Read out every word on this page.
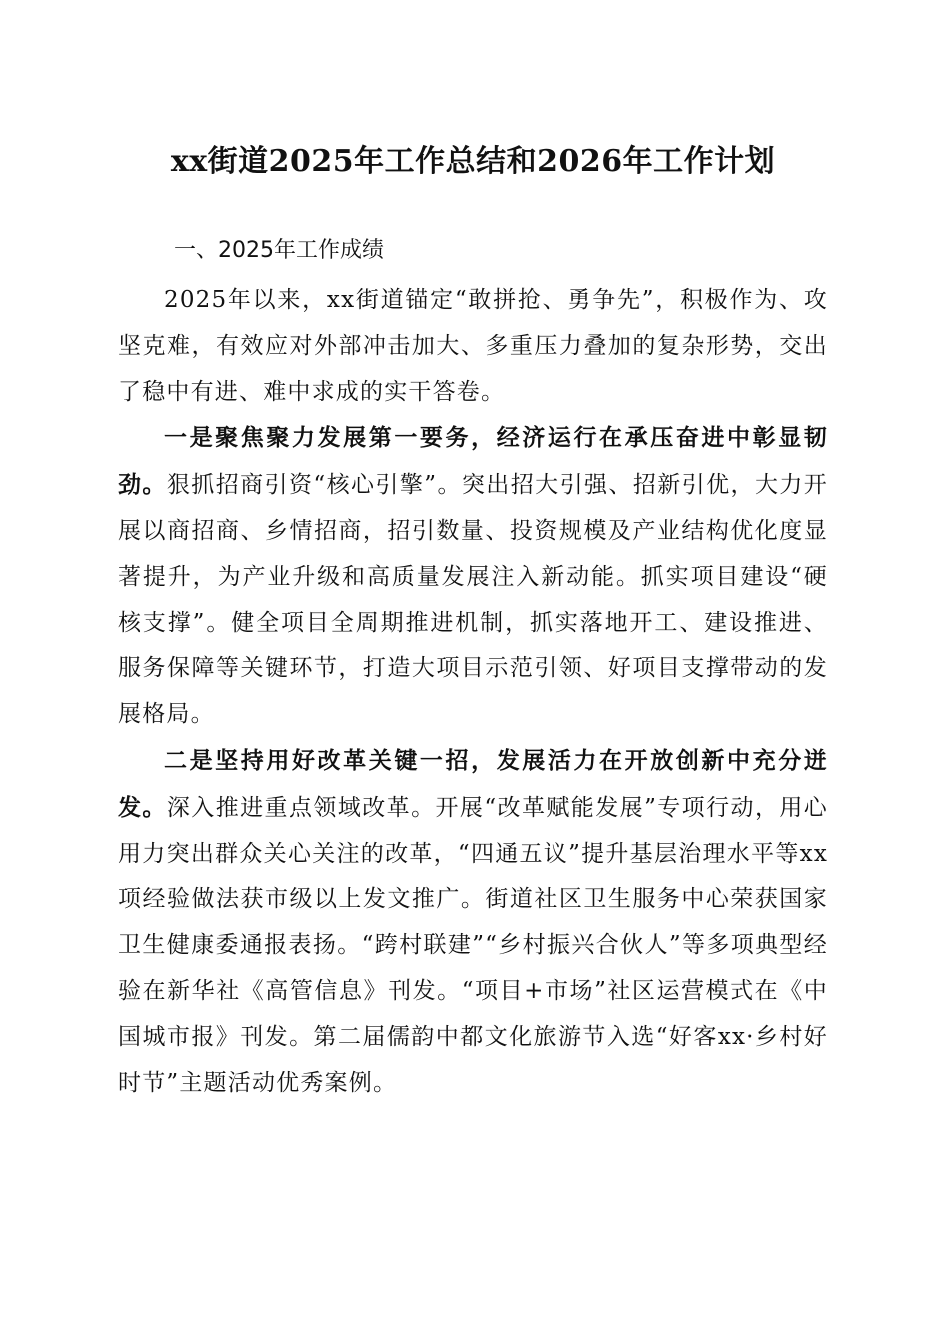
xx街道2025年工作总结和2026年工作计划
一、2025年工作成绩

2025年以来，xx街道锚定“敢拼抢、勇争先”，积极作为、攻坚克难，有效应对外部冲击加大、多重压力叠加的复杂形势，交出了稳中有进、难中求成的实干答卷。

一是聚焦聚力发展第一要务，经济运行在承压奋进中彰显韧劲。狠抓招商引资“核心引擎”。突出招大引强、招新引优，大力开展以商招商、乡情招商，招引数量、投资规模及产业结构优化度显著提升，为产业升级和高质量发展注入新动能。抓实项目建设“硬核支撑”。健全项目全周期推进机制，抓实落地开工、建设推进、服务保障等关键环节，打造大项目示范引领、好项目支撑带动的发展格局。

二是坚持用好改革关键一招，发展活力在开放创新中充分迸发。深入推进重点领域改革。开展“改革赋能发展”专项行动，用心用力突出群众关心关注的改革，“四通五议”提升基层治理水平等xx项经验做法获市级以上发文推广。街道社区卫生服务中心荣获国家卫生健康委通报表扬。“跨村联建”“乡村振兴合伙人”等多项典型经验在新华社《高管信息》刊发。“项目+市场”社区运营模式在《中国城市报》刊发。第二届儒韵中都文化旅游节入选“好客xx·乡村好时节”主题活动优秀案例。
